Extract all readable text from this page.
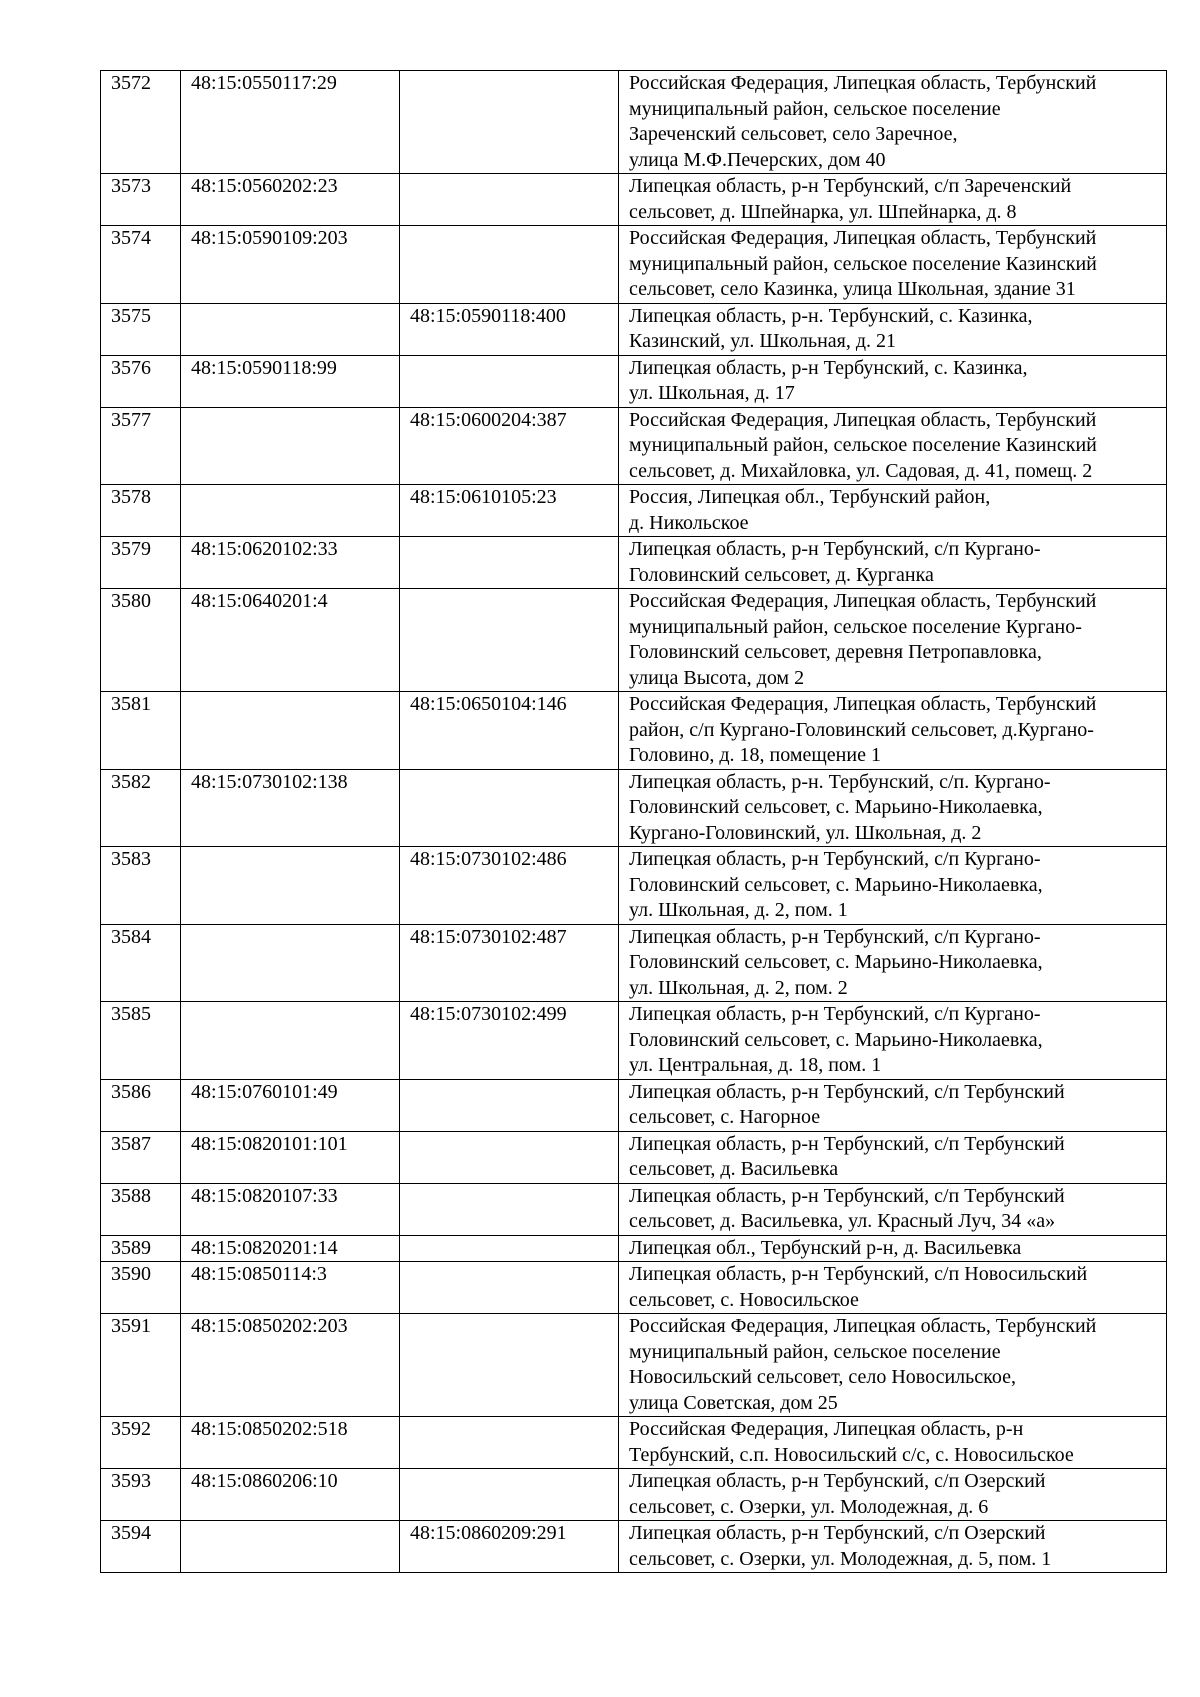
3572	48:15:0550117:29		Российская Федерация, Липецкая область, Тербунский
муниципальный район, сельское поселение
Зареченский сельсовет, село Заречное,
улица М.Ф.Печерских, дом 40

3573	48:15:0560202:23		Липецкая область, р-н Тербунский, с/п Зареченский
сельсовет, д. Шпейнарка, ул. Шпейнарка, д. 8

3574	48:15:0590109:203		Российская Федерация, Липецкая область, Тербунский
муниципальный район, сельское поселение Казинский
сельсовет, село Казинка, улица Школьная, здание 31

3575		48:15:0590118:400	Липецкая область, р-н. Тербунский, с. Казинка,
Казинский, ул. Школьная, д. 21

3576	48:15:0590118:99		Липецкая область, р-н Тербунский, с. Казинка,
ул. Школьная, д. 17

3577		48:15:0600204:387	Российская Федерация, Липецкая область, Тербунский
муниципальный район, сельское поселение Казинский
сельсовет, д. Михайловка, ул. Садовая, д. 41, помещ. 2

3578		48:15:0610105:23	Россия, Липецкая обл., Тербунский район,
д. Никольское

3579	48:15:0620102:33		Липецкая область, р-н Тербунский, с/п Кургано-
Головинский сельсовет, д. Курганка

3580	48:15:0640201:4		Российская Федерация, Липецкая область, Тербунский
муниципальный район, сельское поселение Кургано-
Головинский сельсовет, деревня Петропавловка,
улица Высота, дом 2

3581		48:15:0650104:146	Российская Федерация, Липецкая область, Тербунский
район, с/п Кургано-Головинский сельсовет, д.Кургано-
Головино, д. 18, помещение 1

3582	48:15:0730102:138		Липецкая область, р-н. Тербунский, с/п. Кургано-
Головинский сельсовет, с. Марьино-Николаевка,
Кургано-Головинский, ул. Школьная, д. 2

3583		48:15:0730102:486	Липецкая область, р-н Тербунский, с/п Кургано-
Головинский сельсовет, с. Марьино-Николаевка,
ул. Школьная, д. 2, пом. 1

3584		48:15:0730102:487	Липецкая область, р-н Тербунский, с/п Кургано-
Головинский сельсовет, с. Марьино-Николаевка,
ул. Школьная, д. 2, пом. 2

3585		48:15:0730102:499	Липецкая область, р-н Тербунский, с/п Кургано-
Головинский сельсовет, с. Марьино-Николаевка,
ул. Центральная, д. 18, пом. 1

3586	48:15:0760101:49		Липецкая область, р-н Тербунский, с/п Тербунский
сельсовет, с. Нагорное

3587	48:15:0820101:101		Липецкая область, р-н Тербунский, с/п Тербунский
сельсовет, д. Васильевка

3588	48:15:0820107:33		Липецкая область, р-н Тербунский, с/п Тербунский
сельсовет, д. Васильевка, ул. Красный Луч, 34 «а»

3589	48:15:0820201:14		Липецкая обл., Тербунский р-н, д. Васильевка

3590	48:15:0850114:3		Липецкая область, р-н Тербунский, с/п Новосильский
сельсовет, с. Новосильское

3591	48:15:0850202:203		Российская Федерация, Липецкая область, Тербунский
муниципальный район, сельское поселение
Новосильский сельсовет, село Новосильское,
улица Советская, дом 25

3592	48:15:0850202:518		Российская Федерация, Липецкая область, р-н
Тербунский, с.п. Новосильский с/с, с. Новосильское

3593	48:15:0860206:10		Липецкая область, р-н Тербунский, с/п Озерский
сельсовет, с. Озерки, ул. Молодежная, д. 6

3594		48:15:0860209:291	Липецкая область, р-н Тербунский, с/п Озерский
сельсовет, с. Озерки, ул. Молодежная, д. 5, пом. 1
